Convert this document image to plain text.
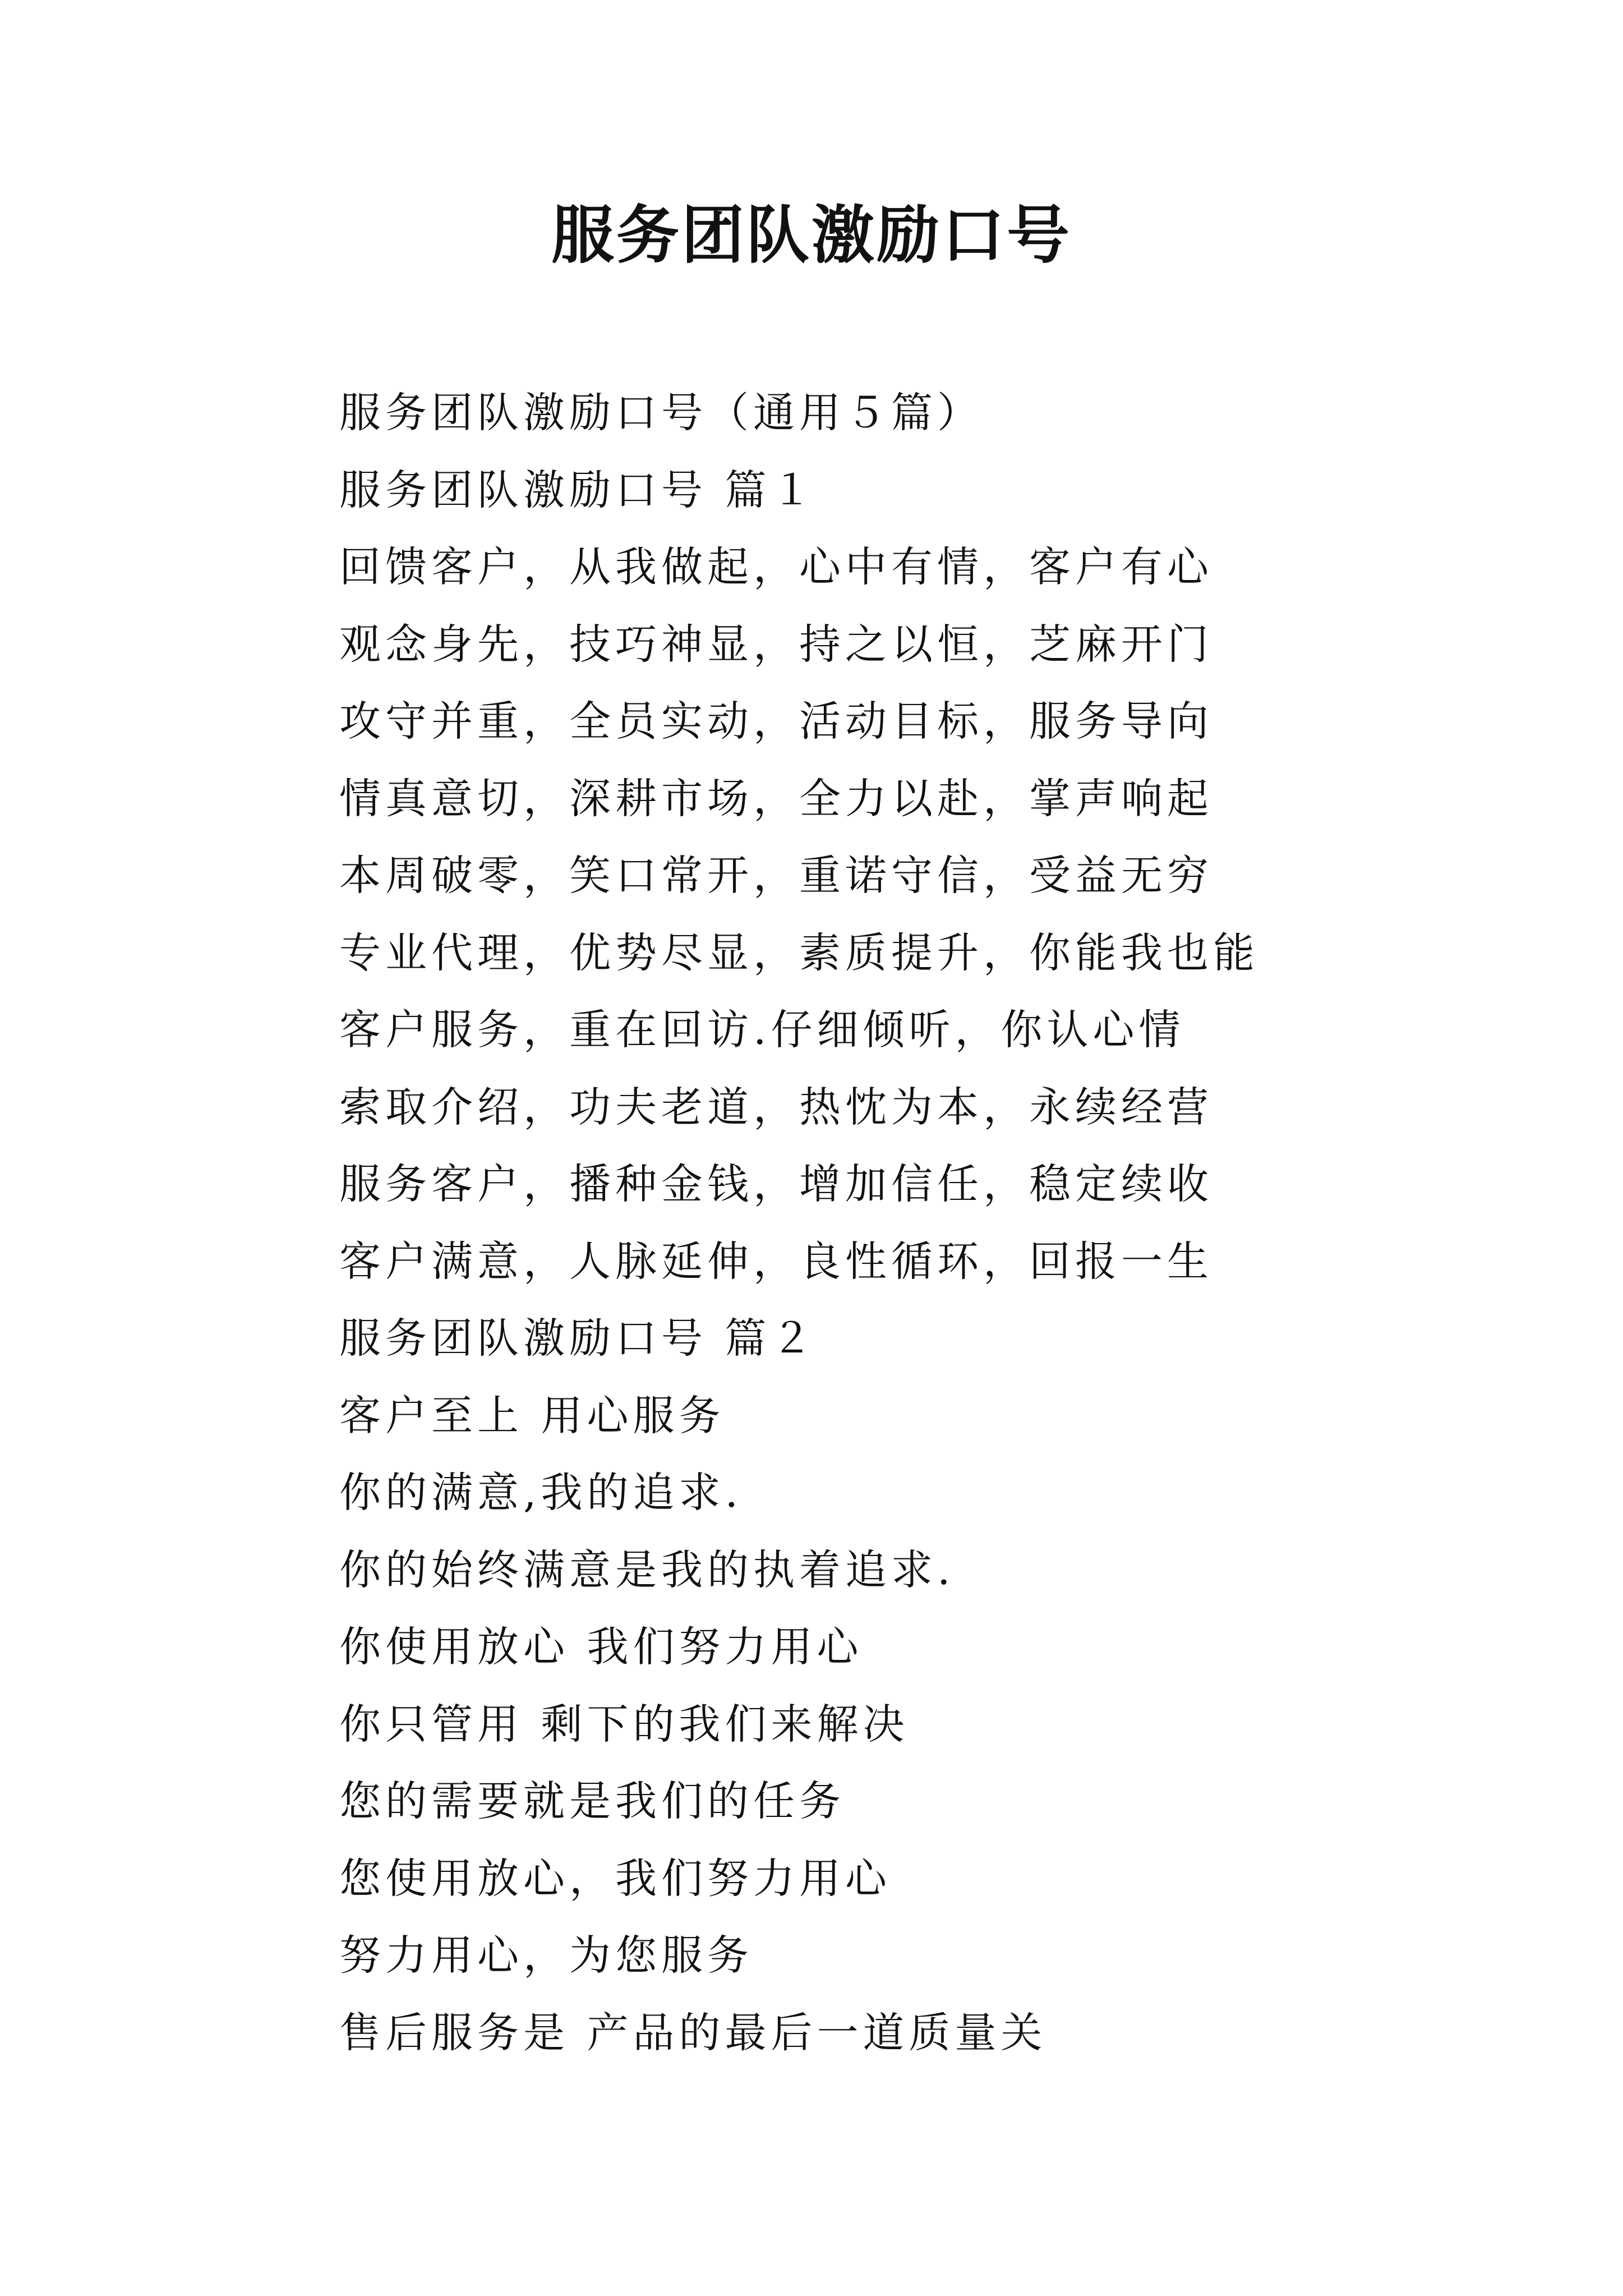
服务团队激励口号
服务团队激励口号（通用５篇）
服务团队激励口号 篇１
回馈客户，从我做起，心中有情，客户有心
观念身先，技巧神显，持之以恒，芝麻开门
攻守并重，全员实动，活动目标，服务导向
情真意切，深耕市场，全力以赴，掌声响起
本周破零，笑口常开，重诺守信，受益无穷
专业代理，优势尽显，素质提升，你能我也能
客户服务，重在回访.仔细倾听，你认心情
索取介绍，功夫老道，热忱为本，永续经营
服务客户，播种金钱，增加信任，稳定续收
客户满意，人脉延伸，良性循环，回报一生
服务团队激励口号 篇２
客户至上 用心服务
你的满意,我的追求.
你的始终满意是我的执着追求.
你使用放心 我们努力用心
你只管用 剩下的我们来解决
您的需要就是我们的任务
您使用放心，我们努力用心
努力用心，为您服务
售后服务是 产品的最后一道质量关
